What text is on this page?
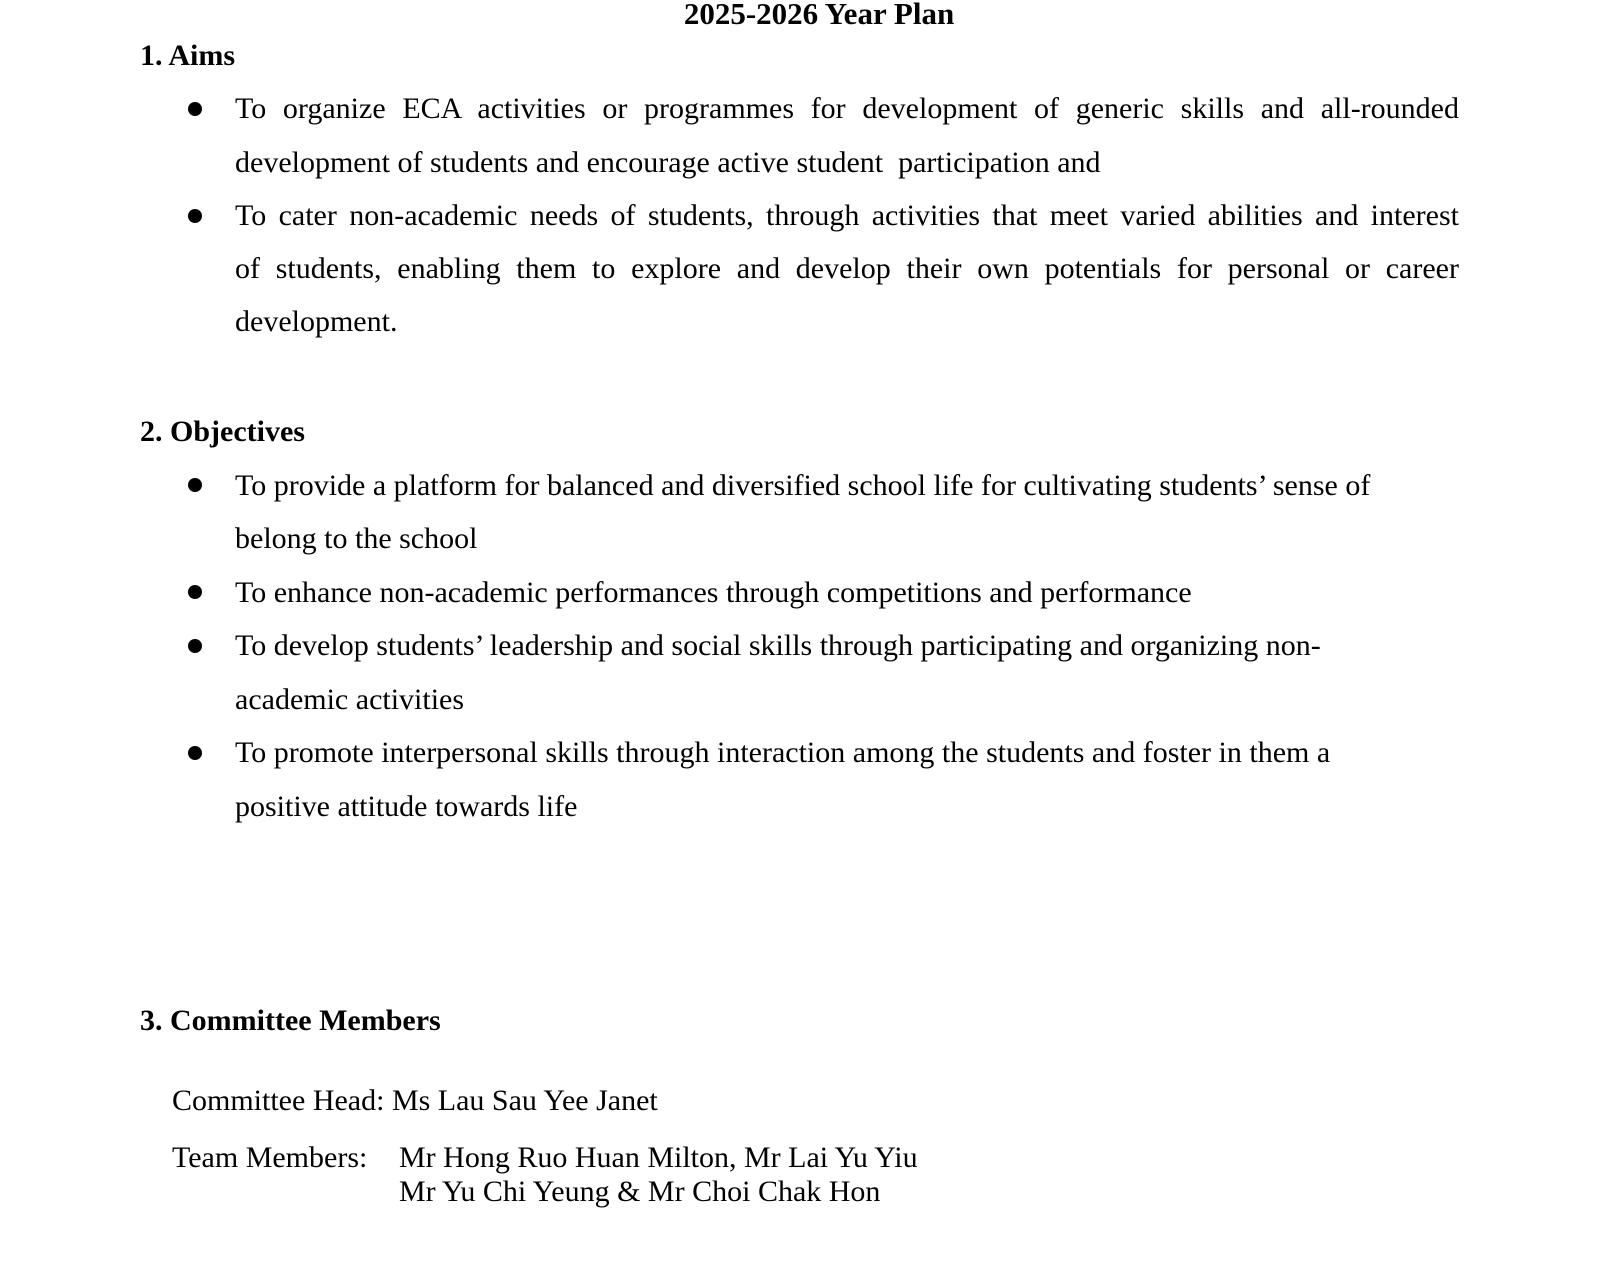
2025-2026 Year Plan
1. Aims
To organize ECA activities or programmes for development of generic skills and all-rounded
development of students and encourage active student  participation and
To cater non-academic needs of students, through activities that meet varied abilities and interest
of students, enabling them to explore and develop their own potentials for personal or career
development.
2. Objectives
To provide a platform for balanced and diversified school life for cultivating students’ sense of
belong to the school
To enhance non-academic performances through competitions and performance
To develop students’ leadership and social skills through participating and organizing non-
academic activities
To promote interpersonal skills through interaction among the students and foster in them a
positive attitude towards life
3. Committee Members
Committee Head: Ms Lau Sau Yee Janet
Team Members:	Mr Hong Ruo Huan Milton, Mr Lai Yu Yiu
Mr Yu Chi Yeung & Mr Choi Chak Hon
